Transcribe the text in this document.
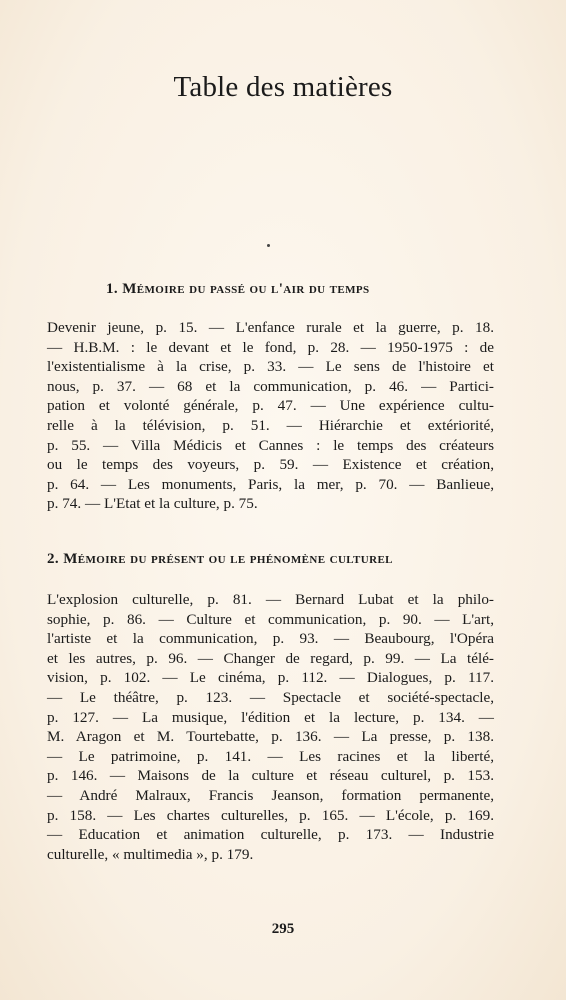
Table des matières
1. Mémoire du passé ou l'air du temps
Devenir jeune, p. 15. — L'enfance rurale et la guerre, p. 18.
— H.B.M. : le devant et le fond, p. 28. — 1950-1975 : de
l'existentialisme à la crise, p. 33. — Le sens de l'histoire et
nous, p. 37. — 68 et la communication, p. 46. — Partici-
pation et volonté générale, p. 47. — Une expérience cultu-
relle à la télévision, p. 51. — Hiérarchie et extériorité,
p. 55. — Villa Médicis et Cannes : le temps des créateurs
ou le temps des voyeurs, p. 59. — Existence et création,
p. 64. — Les monuments, Paris, la mer, p. 70. — Banlieue,
p. 74. — L'Etat et la culture, p. 75.
2. Mémoire du présent ou le phénomène culturel
L'explosion culturelle, p. 81. — Bernard Lubat et la philo-
sophie, p. 86. — Culture et communication, p. 90. — L'art,
l'artiste et la communication, p. 93. — Beaubourg, l'Opéra
et les autres, p. 96. — Changer de regard, p. 99. — La télé-
vision, p. 102. — Le cinéma, p. 112. — Dialogues, p. 117.
— Le théâtre, p. 123. — Spectacle et société-spectacle,
p. 127. — La musique, l'édition et la lecture, p. 134. —
M. Aragon et M. Tourtebatte, p. 136. — La presse, p. 138.
— Le patrimoine, p. 141. — Les racines et la liberté,
p. 146. — Maisons de la culture et réseau culturel, p. 153.
— André Malraux, Francis Jeanson, formation permanente,
p. 158. — Les chartes culturelles, p. 165. — L'école, p. 169.
— Education et animation culturelle, p. 173. — Industrie
culturelle, « multimedia », p. 179.
295
